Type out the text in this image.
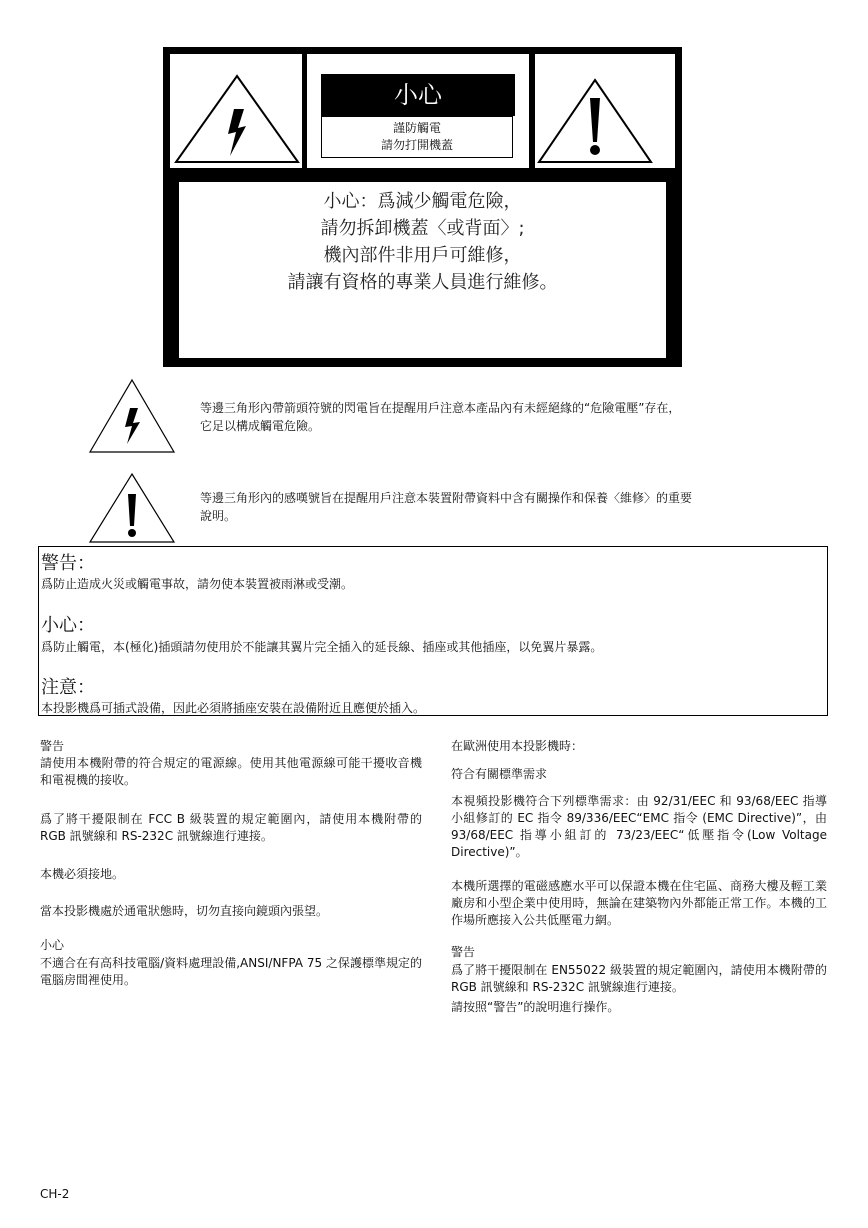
小心
謹防觸電
請勿打開機蓋
小心：爲減少觸電危險，
請勿拆卸機蓋〈或背面〉;
機內部件非用戶可維修，
請讓有資格的專業人員進行維修。
等邊三角形內帶箭頭符號的閃電旨在提醒用戶注意本產品內有未經絕緣的“危險電壓”存在，
它足以構成觸電危險。
等邊三角形內的感嘆號旨在提醒用戶注意本裝置附帶資料中含有關操作和保養〈維修〉的重要
說明。
警告：
爲防止造成火災或觸電事故，請勿使本裝置被雨淋或受潮。
小心：
爲防止觸電，本(極化)插頭請勿使用於不能讓其翼片完全插入的延長線、插座或其他插座，以免翼片暴露。
注意：
本投影機爲可插式設備，因此必須將插座安裝在設備附近且應便於插入。
警告
請使用本機附帶的符合規定的電源線。使用其他電源線可能干擾收音機和電視機的接收。
爲了將干擾限制在 FCC B 級裝置的規定範圍內，請使用本機附帶的 RGB 訊號線和 RS-232C 訊號線進行連接。
本機必須接地。
當本投影機處於通電狀態時，切勿直接向鏡頭內張望。
小心
不適合在有高科技電腦/資料處理設備,ANSI/NFPA 75 之保護標準規定的電腦房間裡使用。
在歐洲使用本投影機時：
符合有關標準需求
本視頻投影機符合下列標準需求：由 92/31/EEC 和 93/68/EEC 指導小組修訂的 EC 指令 89/336/EEC“EMC 指令 (EMC Directive)”，由 93/68/EEC 指導小組訂的 73/23/EEC“低壓指令(Low Voltage Directive)”。
本機所選擇的電磁感應水平可以保證本機在住宅區、商務大樓及輕工業廠房和小型企業中使用時，無論在建築物內外都能正常工作。本機的工作場所應接入公共低壓電力網。
警告
爲了將干擾限制在 EN55022 級裝置的規定範圍內，請使用本機附帶的 RGB 訊號線和 RS-232C 訊號線進行連接。
請按照“警告”的說明進行操作。
CH-2
